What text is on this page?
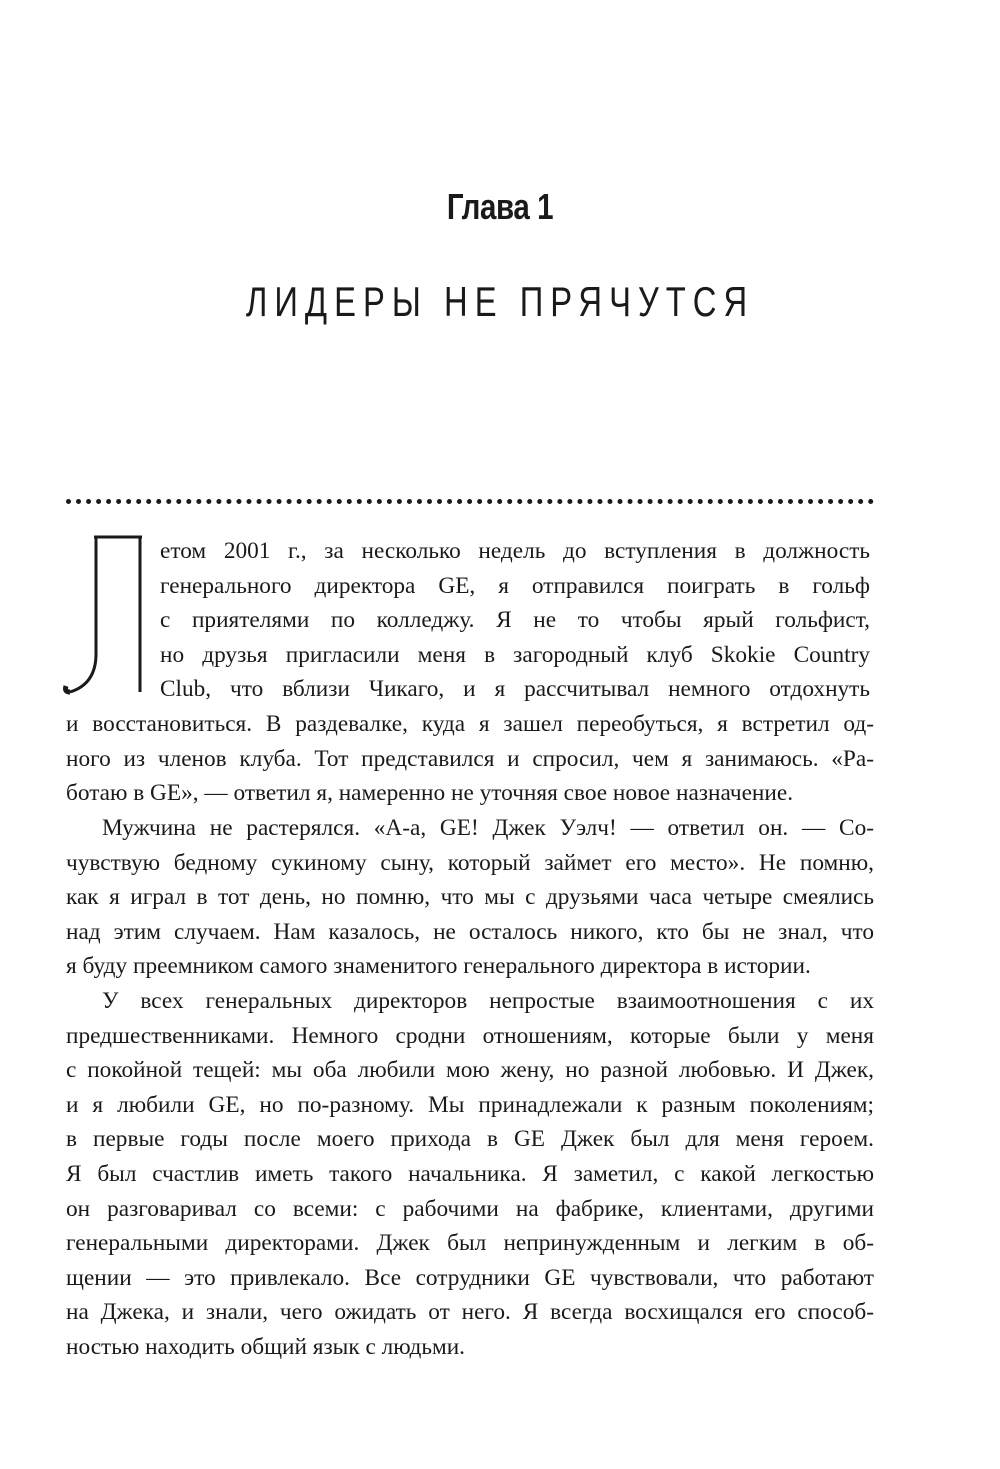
Глава 1
ЛИДЕРЫ НЕ ПРЯЧУТСЯ
етом 2001 г., за несколько недель до вступления в должность
генерального директора GE, я отправился поиграть в гольф
с приятелями по колледжу. Я не то чтобы ярый гольфист,
но друзья пригласили меня в загородный клуб Skokie Country
Club, что вблизи Чикаго, и я рассчитывал немного отдохнуть
и восстановиться. В раздевалке, куда я зашел переобуться, я встретил од-
ного из членов клуба. Тот представился и спросил, чем я занимаюсь. «Ра-
ботаю в GE», — ответил я, намеренно не уточняя свое новое назначение.
Мужчина не растерялся. «А-а, GE! Джек Уэлч! — ответил он. — Со-
чувствую бедному сукиному сыну, который займет его место». Не помню,
как я играл в тот день, но помню, что мы с друзьями часа четыре смеялись
над этим случаем. Нам казалось, не осталось никого, кто бы не знал, что
я буду преемником самого знаменитого генерального директора в истории.
У всех генеральных директоров непростые взаимоотношения с их
предшественниками. Немного сродни отношениям, которые были у меня
с покойной тещей: мы оба любили мою жену, но разной любовью. И Джек,
и я любили GE, но по-разному. Мы принадлежали к разным поколениям;
в первые годы после моего прихода в GE Джек был для меня героем.
Я был счастлив иметь такого начальника. Я заметил, с какой легкостью
он разговаривал со всеми: с рабочими на фабрике, клиентами, другими
генеральными директорами. Джек был непринужденным и легким в об-
щении — это привлекало. Все сотрудники GE чувствовали, что работают
на Джека, и знали, чего ожидать от него. Я всегда восхищался его способ-
ностью находить общий язык с людьми.
